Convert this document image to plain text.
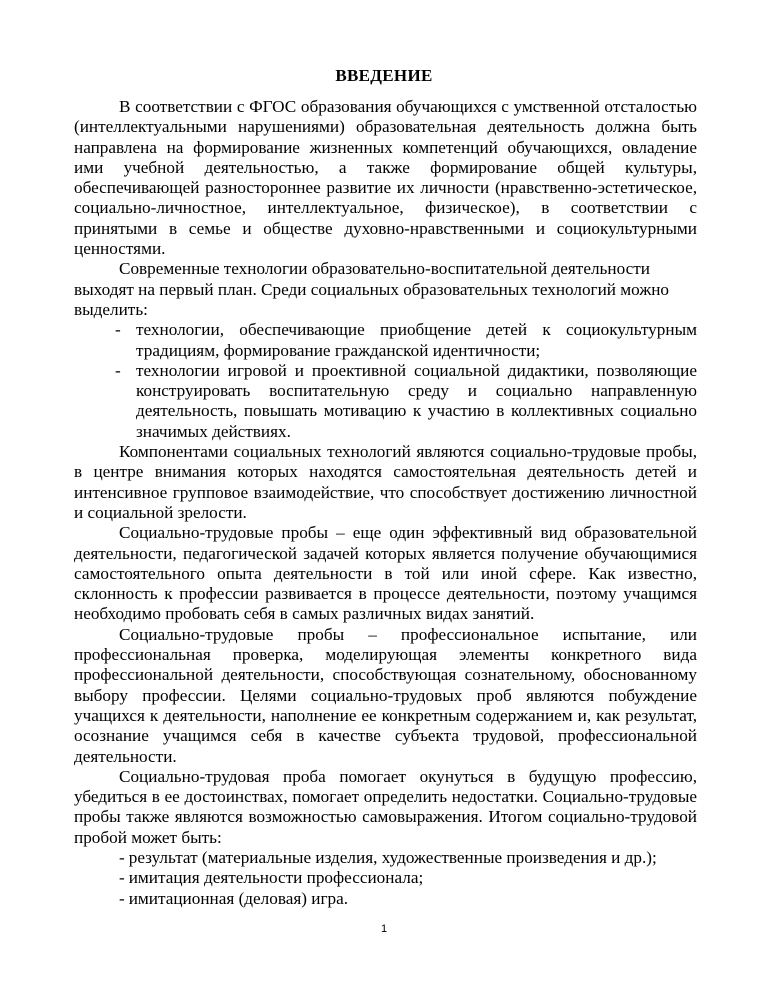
ВВЕДЕНИЕ

В соответствии с ФГОС образования обучающихся с умственной отсталостью (интеллектуальными нарушениями) образовательная деятельность должна быть направлена на формирование жизненных компетенций обучающихся, овладение ими учебной деятельностью, а также формирование общей культуры, обеспечивающей разностороннее развитие их личности (нравственно-эстетическое, социально-личностное, интеллектуальное, физическое), в соответствии с принятыми в семье и обществе духовно-нравственными и социокультурными ценностями.

Современные технологии образовательно-воспитательной деятельности выходят на первый план. Среди социальных образовательных технологий можно выделить:

- технологии, обеспечивающие приобщение детей к социокультурным традициям, формирование гражданской идентичности;
- технологии игровой и проективной социальной дидактики, позволяющие конструировать воспитательную среду и социально направленную деятельность, повышать мотивацию к участию в коллективных социально значимых действиях.

Компонентами социальных технологий являются социально-трудовые пробы, в центре внимания которых находятся самостоятельная деятельность детей и интенсивное групповое взаимодействие, что способствует достижению личностной и социальной зрелости.

Социально-трудовые пробы – еще один эффективный вид образовательной деятельности, педагогической задачей которых является получение обучающимися самостоятельного опыта деятельности в той или иной сфере. Как известно, склонность к профессии развивается в процессе деятельности, поэтому учащимся необходимо пробовать себя в самых различных видах занятий.

Социально-трудовые пробы – профессиональное испытание, или профессиональная проверка, моделирующая элементы конкретного вида профессиональной деятельности, способствующая сознательному, обоснованному выбору профессии. Целями социально-трудовых проб являются побуждение учащихся к деятельности, наполнение ее конкретным содержанием и, как результат, осознание учащимся себя в качестве субъекта трудовой, профессиональной деятельности.

Социально-трудовая проба помогает окунуться в будущую профессию, убедиться в ее достоинствах, помогает определить недостатки. Социально-трудовые пробы также являются возможностью самовыражения. Итогом социально-трудовой пробой может быть:

- результат (материальные изделия, художественные произведения и др.);
- имитация деятельности профессионала;
- имитационная (деловая) игра.
1
